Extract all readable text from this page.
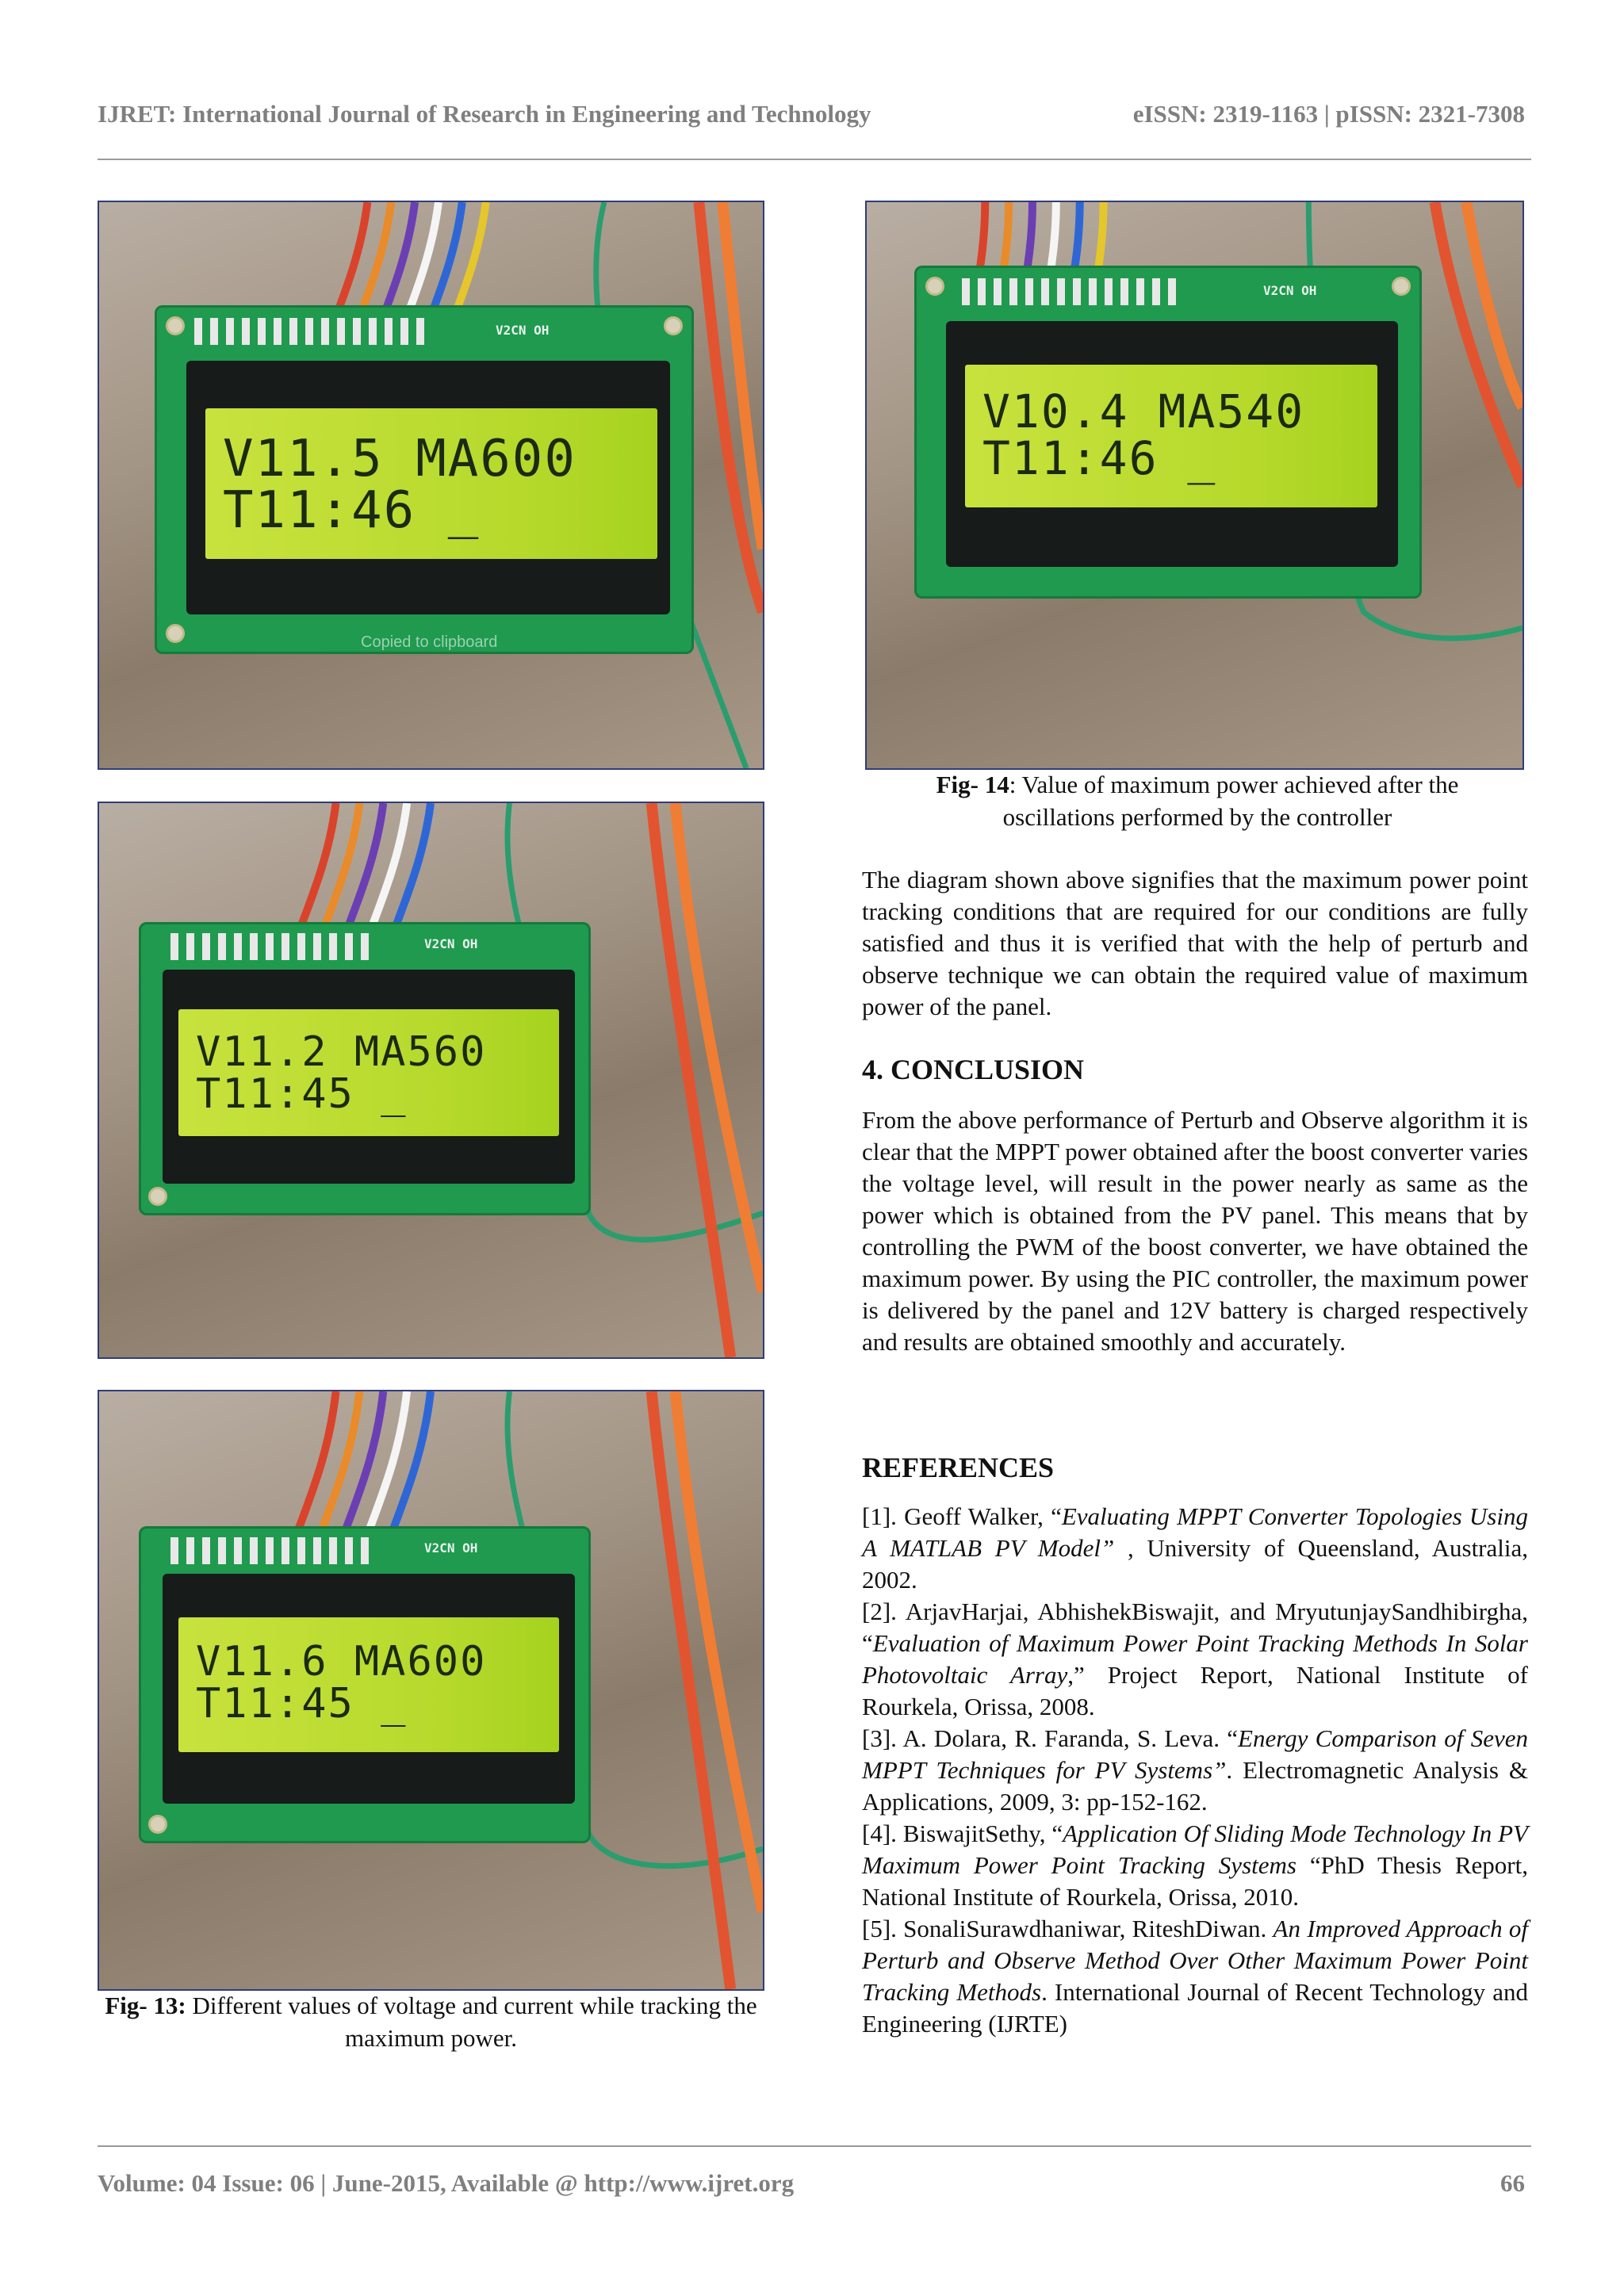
IJRET: International Journal of Research in Engineering and Technology	eISSN: 2319-1163 | pISSN: 2321-7308
V2CN OH
V11.5 MA600
T11:46 _
Copied to clipboard
V2CN OH
V11.2 MA560
T11:45 _
V2CN OH
V11.6 MA600
T11:45 _
V2CN OH
V10.4 MA540
T11:46 _
Fig- 14: Value of maximum power achieved after the oscillations performed by the controller
Fig- 13: Different values of voltage and current while tracking the maximum power.
The diagram shown above signifies that the maximum power point tracking conditions that are required for our conditions are fully satisfied and thus it is verified that with the help of perturb and observe technique we can obtain the required value of maximum power of the panel.
4. CONCLUSION
From the above performance of Perturb and Observe algorithm it is clear that the MPPT power obtained after the boost converter varies the voltage level, will result in the power nearly as same as the power which is obtained from the PV panel. This means that by controlling the PWM of the boost converter, we have obtained the maximum power. By using the PIC controller, the maximum power is delivered by the panel and 12V battery is charged respectively and results are obtained smoothly and accurately.
REFERENCES

[1]. Geoff Walker, “Evaluating MPPT Converter Topologies Using A MATLAB PV Model” , University of Queensland, Australia, 2002.

[2]. ArjavHarjai, AbhishekBiswajit, and MryutunjaySandhibirgha, “Evaluation of Maximum Power Point Tracking Methods In Solar Photovoltaic Array,” Project Report, National Institute of Rourkela, Orissa, 2008.

[3]. A. Dolara, R. Faranda, S. Leva. “Energy Comparison of Seven MPPT Techniques for PV Systems”. Electromagnetic Analysis & Applications, 2009, 3: pp-152-162.

[4]. BiswajitSethy, “Application Of Sliding Mode Technology In PV Maximum Power Point Tracking Systems “PhD Thesis Report, National Institute of Rourkela, Orissa, 2010.

[5]. SonaliSurawdhaniwar, RiteshDiwan. An Improved Approach of Perturb and Observe Method Over Other Maximum Power Point Tracking Methods. International Journal of Recent Technology and Engineering (IJRTE)

Volume: 04 Issue: 06 | June-2015, Available @ http://www.ijret.org	66
